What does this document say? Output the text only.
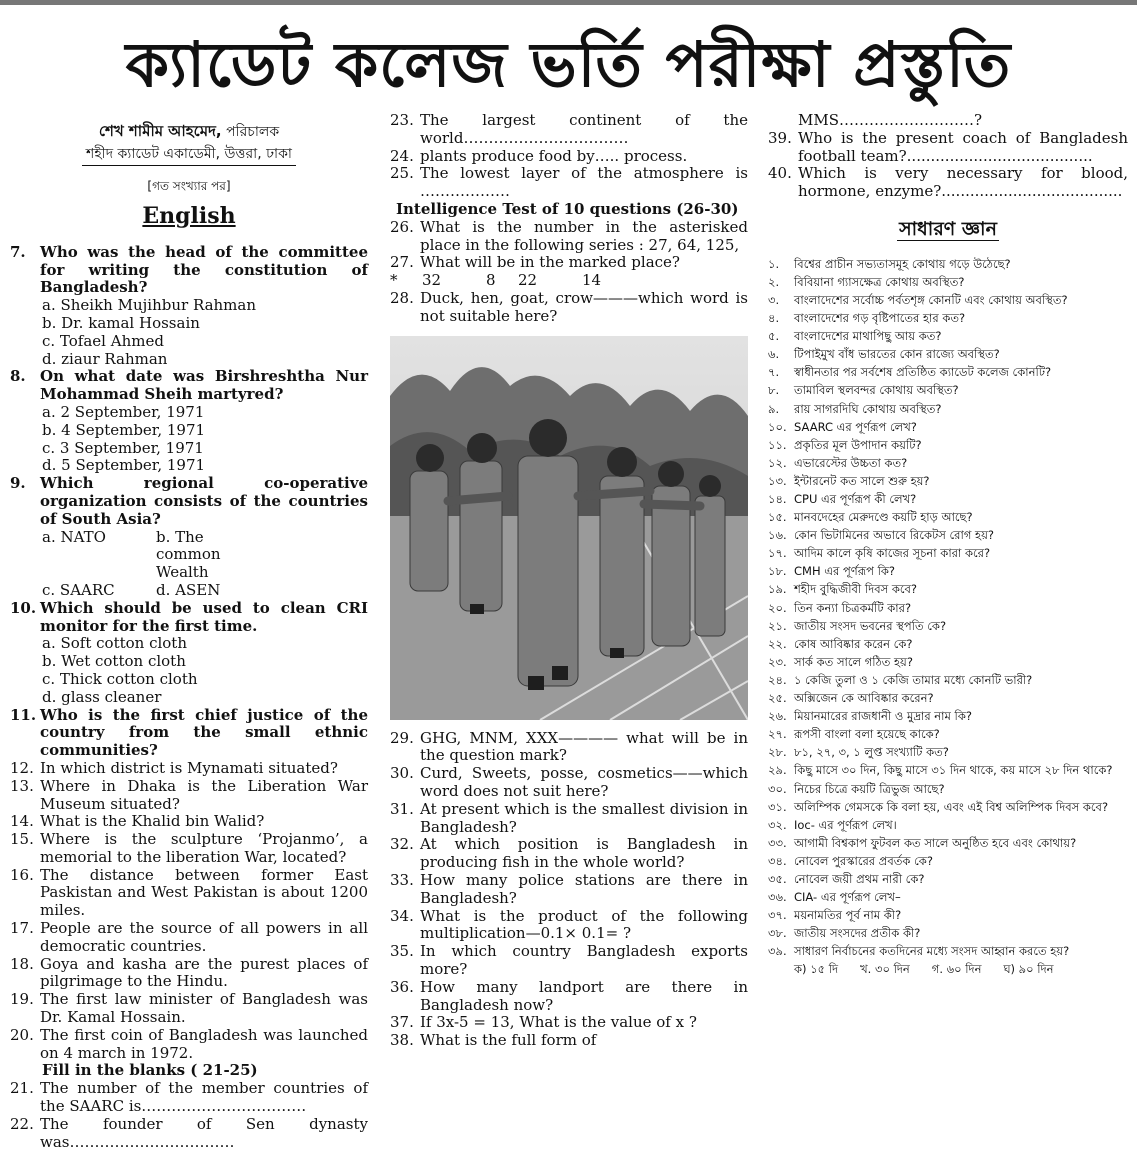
ক্যাডেট কলেজ ভর্তি পরীক্ষা প্রস্তুতি
শেখ শামীম আহমেদ, পরিচালক
শহীদ ক্যাডেট একাডেমী, উত্তরা, ঢাকা
[গত সংখ্যার পর]
English
7. Who was the head of the committee for writing the constitution of Bangladesh?
a. Sheikh Mujihbur Rahman
b. Dr. kamal Hossain
c. Tofael Ahmed
d. ziaur Rahman
8. On what date was Birshreshtha Nur Mohammad Sheih martyred?
a. 2 September, 1971
b. 4 September, 1971
c. 3 September, 1971
d. 5 September, 1971
9. Which regional co-operative organization consists of the countries of South Asia?
a. NATO	b. The common Wealth
c. SAARC	d. ASEN
10. Which should be used to clean CRI monitor for the first time.
a. Soft cotton cloth
b. Wet cotton cloth
c. Thick cotton cloth
d. glass cleaner
11. Who is the first chief justice of the country from the small ethnic communities?
12. In which district is Mynamati situated?
13. Where in Dhaka is the Liberation War Museum situated?
14. What is the Khalid bin Walid?
15. Where is the sculpture ‘Projanmo’, a memorial to the liberation War, located?
16. The distance between former East Paskistan and West Pakistan is about 1200 miles.
17. People are the source of all powers in all democratic countries.
18. Goya and kasha are the purest places of pilgrimage to the Hindu.
19. The first law minister of Bangladesh was Dr. Kamal Hossain.
20. The first coin of Bangladesh was launched on 4 march in 1972.
Fill in the blanks ( 21-25)
21. The number of the member countries of the SAARC is……………………………
22. The founder of Sen dynasty was……………………………
23. The largest continent of the world……………………………
24. plants produce food by….. process.
25. The lowest layer of the atmosphere is ………………
Intelligence Test of 10 questions (26-30)
26. What is the number in the asterisked place in the following series : 27, 64, 125,
27. What will be in the marked place?
*	32	8	22	14
28. Duck, hen, goat, crow———which word is not suitable here?
29. GHG, MNM, XXX———— what will be in the question mark?
30. Curd, Sweets, posse, cosmetics——which word does not suit here?
31. At present which is the smallest division in Bangladesh?
32. At which position is Bangladesh in producing fish in the whole world?
33. How many police stations are there in Bangladesh?
34. What is the product of the following multiplication—0.1× 0.1= ?
35. In which country Bangladesh exports more?
36. How many landport are there in Bangladesh now?
37. If 3x-5 = 13, What is the value of x ?
38. What is the full form of
MMS………………………?
39. Who is the present coach of Bangladesh football team?.......................................
40. Which is very necessary for blood, hormone, enzyme?......................................
সাধারণ জ্ঞান
১.	বিশ্বের প্রাচীন সভ্যতাসমূহ কোথায় গড়ে উঠেছে?
২.	বিবিয়ানা গ্যাসক্ষেত্র কোথায় অবস্থিত?
৩.	বাংলাদেশের সর্বোচ্চ পর্বতশৃঙ্গ কোনটি এবং কোথায় অবস্থিত?
৪.	বাংলাদেশের গড় বৃষ্টিপাতের হার কত?
৫.	বাংলাদেশের মাথাপিছু আয় কত?
৬.	টিপাইমুখ বাঁধ ভারতের কোন রাজ্যে অবস্থিত?
৭.	স্বাধীনতার পর সর্বশেষ প্রতিষ্ঠিত ক্যাডেট কলেজ কোনটি?
৮.	তামাবিল স্থলবন্দর কোথায় অবস্থিত?
৯.	রায় সাগরদিঘি কোথায় অবস্থিত?
১০. SAARC এর পূর্ণরূপ লেখ?
১১. প্রকৃতির মূল উপাদান কয়টি?
১২. এভারেস্টের উচ্চতা কত?
১৩. ইন্টারনেট কত সালে শুরু হয়?
১৪. CPU এর পূর্ণরূপ কী লেখ?
১৫. মানবদেহের মেরুদণ্ডে কয়টি হাড় আছে?
১৬. কোন ভিটামিনের অভাবে রিকেটস রোগ হয়?
১৭. আদিম কালে কৃষি কাজের সূচনা কারা করে?
১৮. CMH এর পূর্ণরূপ কি?
১৯. শহীদ বুদ্ধিজীবী দিবস কবে?
২০. তিন কন্যা চিত্রকর্মটি কার?
২১. জাতীয় সংসদ ভবনের স্থপতি কে?
২২. কোষ আবিষ্কার করেন কে?
২৩. সার্ক কত সালে গঠিত হয়?
২৪. ১ কেজি তুলা ও ১ কেজি তামার মধ্যে কোনটি ভারী?
২৫. অক্সিজেন কে আবিষ্কার করেন?
২৬. মিয়ানমারের রাজধানী ও মুদ্রার নাম কি?
২৭. রূপসী বাংলা বলা হয়েছে কাকে?
২৮. ৮১, ২৭, ৩, ১ লুপ্ত সংখ্যাটি কত?
২৯. কিছু মাসে ৩০ দিন, কিছু মাসে ৩১ দিন থাকে, কয় মাসে ২৮ দিন থাকে?
৩০. নিচের চিত্রে কয়টি ত্রিভুজ আছে?
৩১. অলিম্পিক গেমসকে কি বলা হয়, এবং এই বিশ্ব অলিম্পিক দিবস কবে?
৩২. Ioc- এর পূর্ণরূপ লেখ।
৩৩. আগামী বিশ্বকাপ ফুটবল কত সালে অনুষ্ঠিত হবে এবং কোথায়?
৩৪. নোবেল পুরস্কারের প্রবর্তক কে?
৩৫. নোবেল জয়ী প্রথম নারী কে?
৩৬. CIA- এর পূর্ণরূপ লেখ–
৩৭. ময়নামতির পূর্ব নাম কী?
৩৮. জাতীয় সংসদের প্রতীক কী?
৩৯. সাধারণ নির্বাচনের কতদিনের মধ্যে সংসদ আহ্বান করতে হয়?
ক) ১৫ দি খ. ৩০ দিন গ. ৬০ দিন ঘ) ৯০ দিন
